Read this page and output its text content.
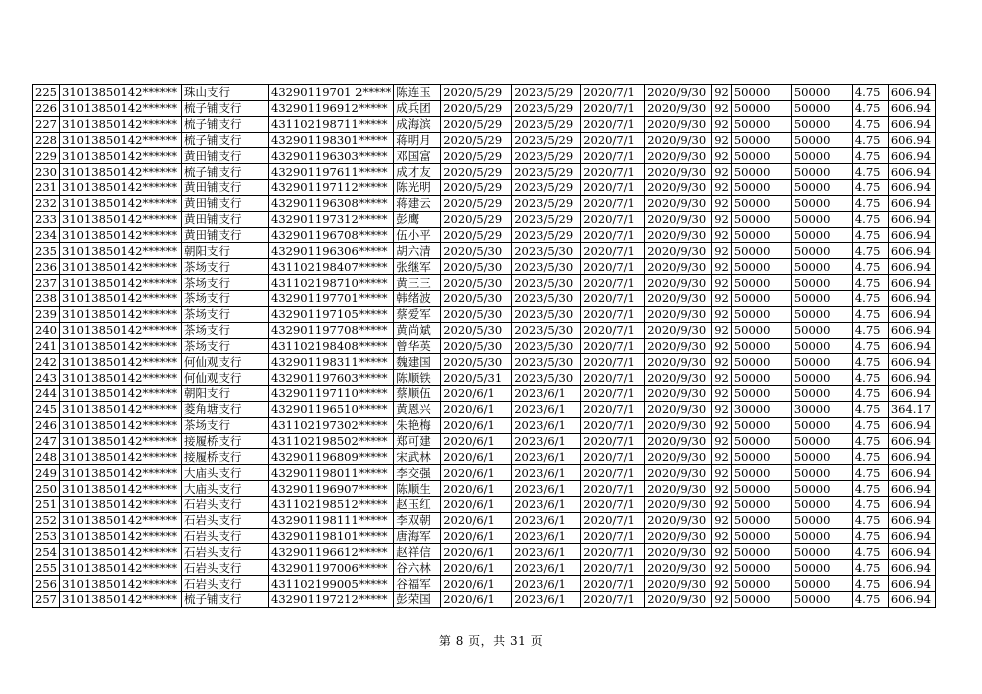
225	31013850142******	珠山支行	43290119701 2*****	陈连玉	2020/5/29	2023/5/29	2020/7/1	2020/9/30	92	50000	50000	4.75	606.94
226	31013850142******	梳子铺支行	432901196912*****	成兵团	2020/5/29	2023/5/29	2020/7/1	2020/9/30	92	50000	50000	4.75	606.94
227	31013850142******	梳子铺支行	431102198711*****	成海滨	2020/5/29	2023/5/29	2020/7/1	2020/9/30	92	50000	50000	4.75	606.94
228	31013850142******	梳子铺支行	432901198301*****	蒋明月	2020/5/29	2023/5/29	2020/7/1	2020/9/30	92	50000	50000	4.75	606.94
229	31013850142******	黄田铺支行	432901196303*****	邓国富	2020/5/29	2023/5/29	2020/7/1	2020/9/30	92	50000	50000	4.75	606.94
230	31013850142******	梳子铺支行	432901197611*****	成才友	2020/5/29	2023/5/29	2020/7/1	2020/9/30	92	50000	50000	4.75	606.94
231	31013850142******	黄田铺支行	432901197112*****	陈光明	2020/5/29	2023/5/29	2020/7/1	2020/9/30	92	50000	50000	4.75	606.94
232	31013850142******	黄田铺支行	432901196308*****	蒋建云	2020/5/29	2023/5/29	2020/7/1	2020/9/30	92	50000	50000	4.75	606.94
233	31013850142******	黄田铺支行	432901197312*****	彭鹰	2020/5/29	2023/5/29	2020/7/1	2020/9/30	92	50000	50000	4.75	606.94
234	31013850142******	黄田铺支行	432901196708*****	伍小平	2020/5/29	2023/5/29	2020/7/1	2020/9/30	92	50000	50000	4.75	606.94
235	31013850142******	朝阳支行	432901196306*****	胡六清	2020/5/30	2023/5/30	2020/7/1	2020/9/30	92	50000	50000	4.75	606.94
236	31013850142******	茶场支行	431102198407*****	张继军	2020/5/30	2023/5/30	2020/7/1	2020/9/30	92	50000	50000	4.75	606.94
237	31013850142******	茶场支行	431102198710*****	黄三三	2020/5/30	2023/5/30	2020/7/1	2020/9/30	92	50000	50000	4.75	606.94
238	31013850142******	茶场支行	432901197701*****	韩绪波	2020/5/30	2023/5/30	2020/7/1	2020/9/30	92	50000	50000	4.75	606.94
239	31013850142******	茶场支行	432901197105*****	蔡爱军	2020/5/30	2023/5/30	2020/7/1	2020/9/30	92	50000	50000	4.75	606.94
240	31013850142******	茶场支行	432901197708*****	黄尚斌	2020/5/30	2023/5/30	2020/7/1	2020/9/30	92	50000	50000	4.75	606.94
241	31013850142******	茶场支行	431102198408*****	曾华英	2020/5/30	2023/5/30	2020/7/1	2020/9/30	92	50000	50000	4.75	606.94
242	31013850142******	何仙观支行	432901198311*****	魏建国	2020/5/30	2023/5/30	2020/7/1	2020/9/30	92	50000	50000	4.75	606.94
243	31013850142******	何仙观支行	432901197603*****	陈顺铁	2020/5/31	2023/5/30	2020/7/1	2020/9/30	92	50000	50000	4.75	606.94
244	31013850142******	朝阳支行	432901197110*****	蔡顺伍	2020/6/1	2023/6/1	2020/7/1	2020/9/30	92	50000	50000	4.75	606.94
245	31013850142******	菱角塘支行	432901196510*****	黄恩兴	2020/6/1	2023/6/1	2020/7/1	2020/9/30	92	30000	30000	4.75	364.17
246	31013850142******	茶场支行	431102197302*****	朱艳梅	2020/6/1	2023/6/1	2020/7/1	2020/9/30	92	50000	50000	4.75	606.94
247	31013850142******	接履桥支行	431102198502*****	郑可建	2020/6/1	2023/6/1	2020/7/1	2020/9/30	92	50000	50000	4.75	606.94
248	31013850142******	接履桥支行	432901196809*****	宋武林	2020/6/1	2023/6/1	2020/7/1	2020/9/30	92	50000	50000	4.75	606.94
249	31013850142******	大庙头支行	432901198011*****	李交强	2020/6/1	2023/6/1	2020/7/1	2020/9/30	92	50000	50000	4.75	606.94
250	31013850142******	大庙头支行	432901196907*****	陈顺生	2020/6/1	2023/6/1	2020/7/1	2020/9/30	92	50000	50000	4.75	606.94
251	31013850142******	石岩头支行	431102198512*****	赵玉红	2020/6/1	2023/6/1	2020/7/1	2020/9/30	92	50000	50000	4.75	606.94
252	31013850142******	石岩头支行	432901198111*****	李双朝	2020/6/1	2023/6/1	2020/7/1	2020/9/30	92	50000	50000	4.75	606.94
253	31013850142******	石岩头支行	432901198101*****	唐海军	2020/6/1	2023/6/1	2020/7/1	2020/9/30	92	50000	50000	4.75	606.94
254	31013850142******	石岩头支行	432901196612*****	赵祥信	2020/6/1	2023/6/1	2020/7/1	2020/9/30	92	50000	50000	4.75	606.94
255	31013850142******	石岩头支行	432901197006*****	谷六林	2020/6/1	2023/6/1	2020/7/1	2020/9/30	92	50000	50000	4.75	606.94
256	31013850142******	石岩头支行	431102199005*****	谷福军	2020/6/1	2023/6/1	2020/7/1	2020/9/30	92	50000	50000	4.75	606.94
257	31013850142******	梳子铺支行	432901197212*****	彭荣国	2020/6/1	2023/6/1	2020/7/1	2020/9/30	92	50000	50000	4.75	606.94
第 8 页，共 31 页
